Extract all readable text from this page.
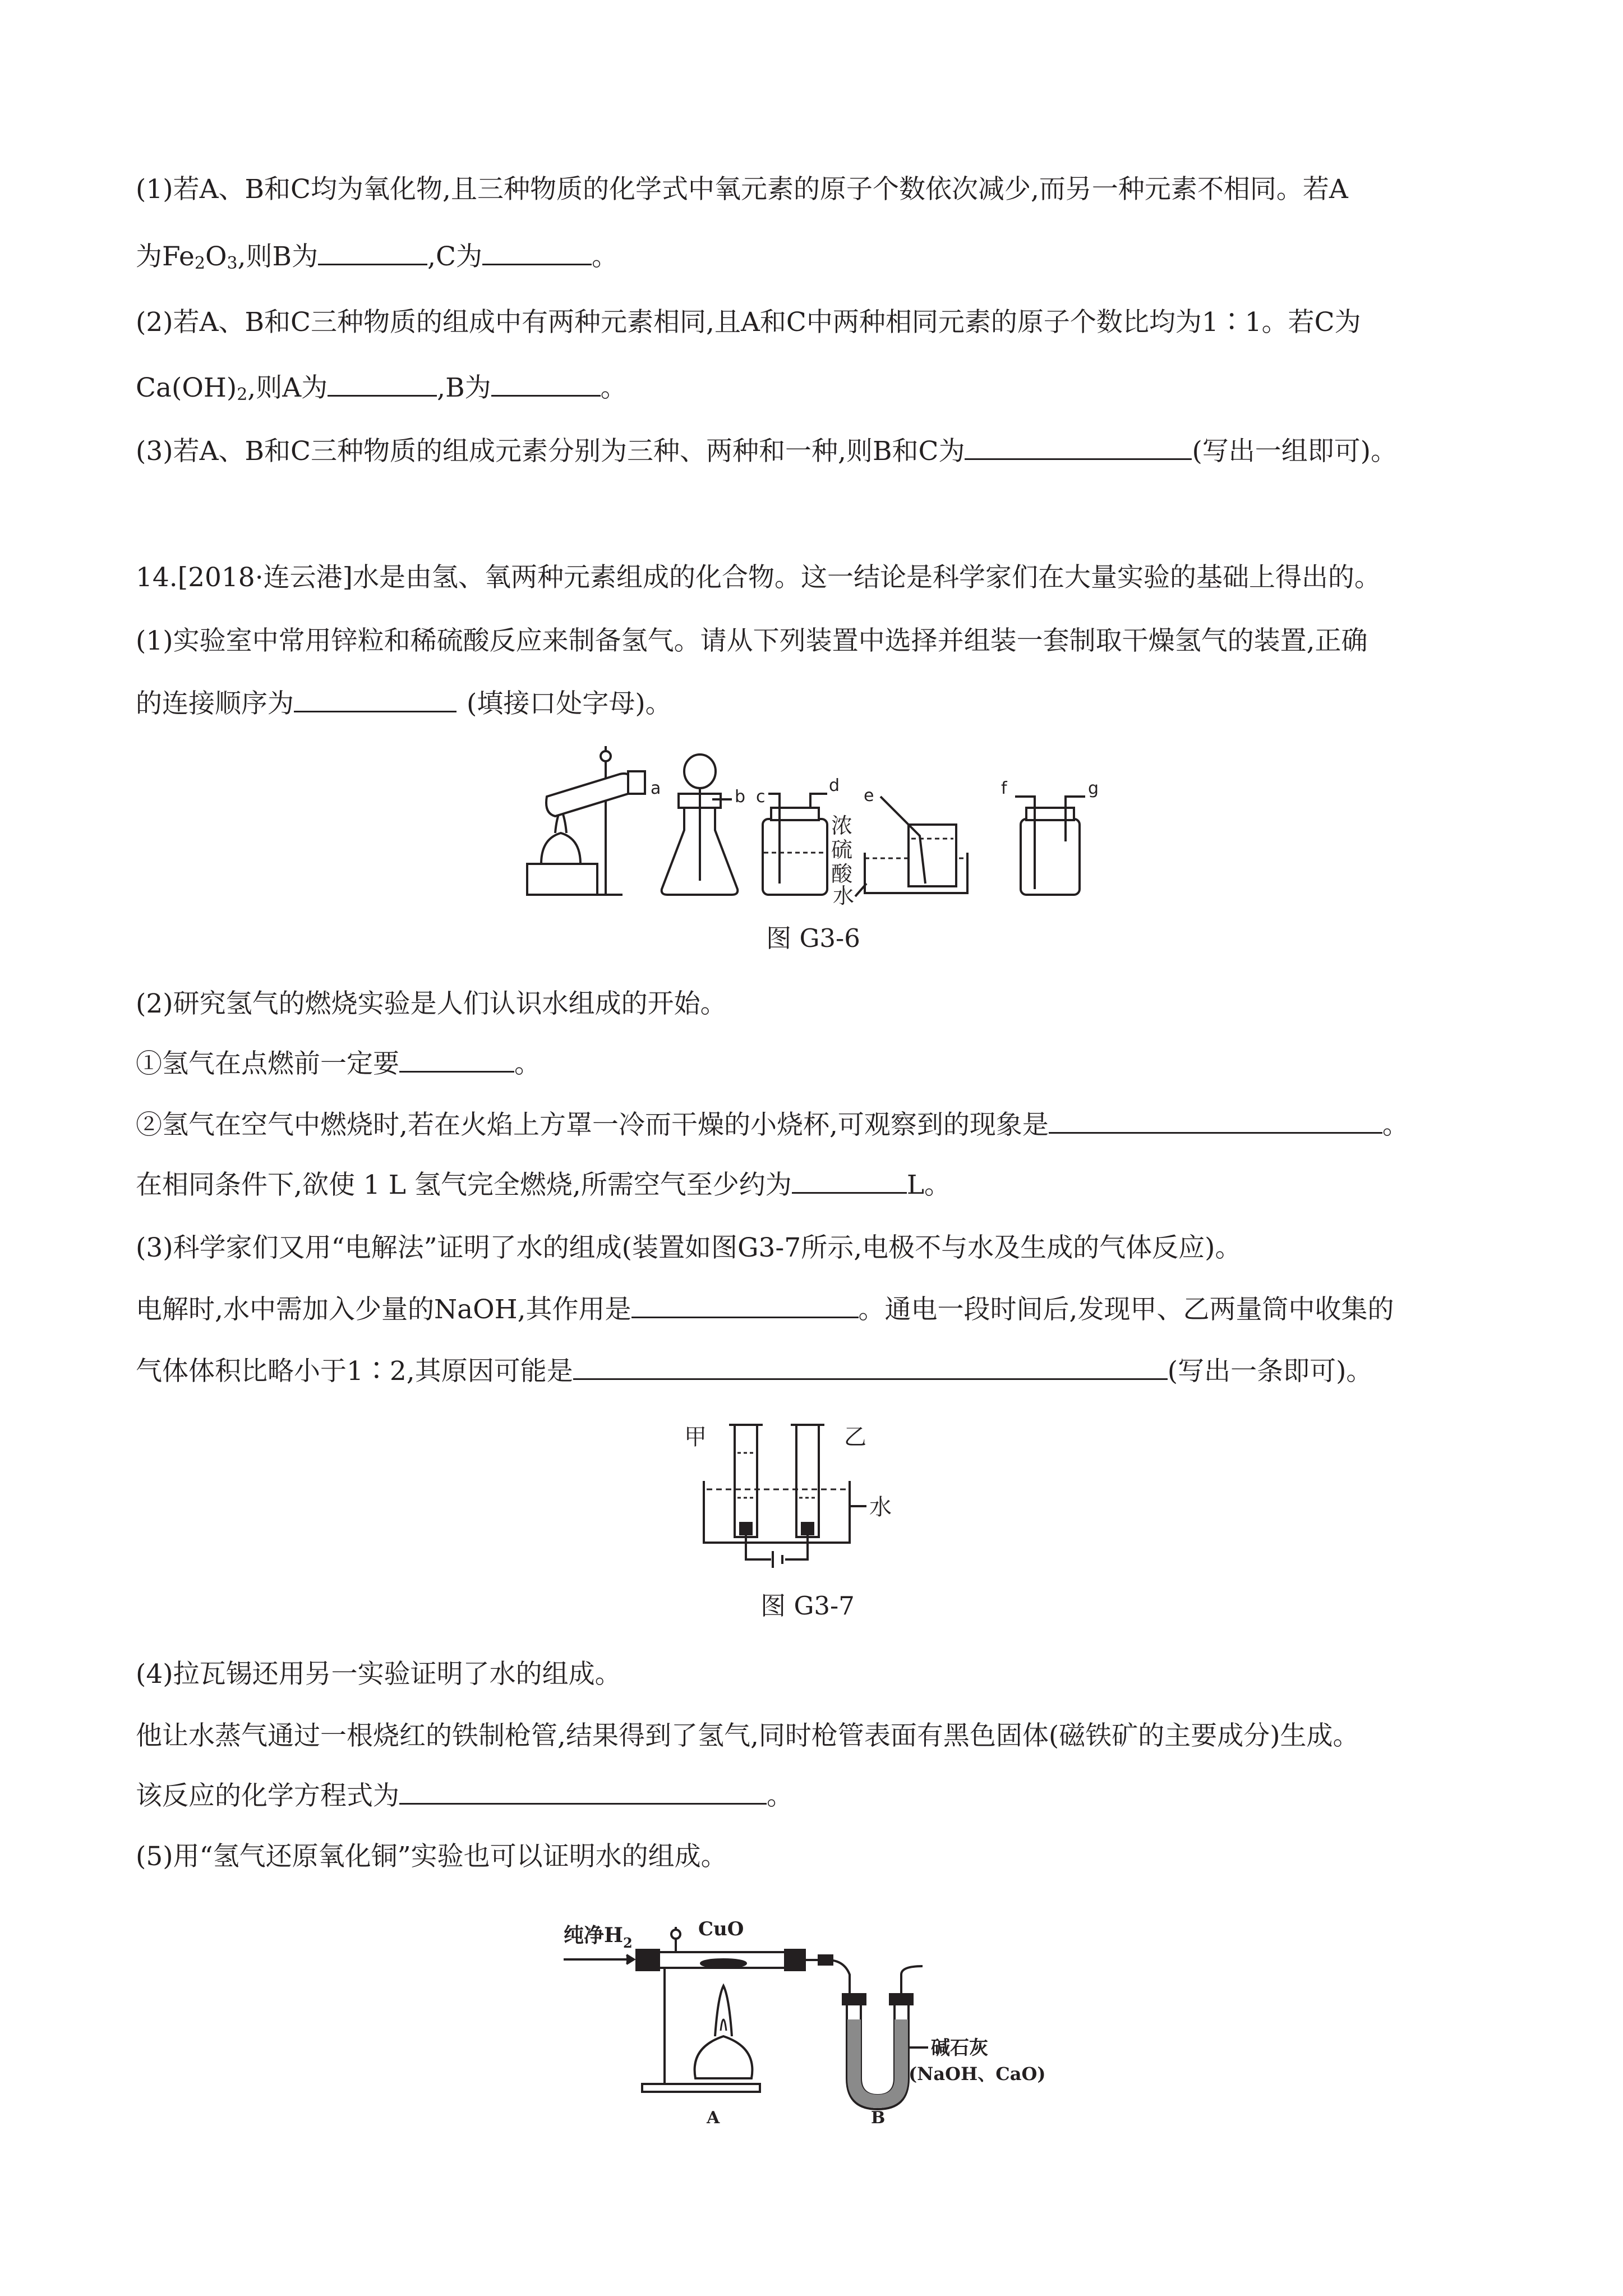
(1)若A、B和C均为氧化物,且三种物质的化学式中氧元素的原子个数依次减少,而另一种元素不相同。若A
为$Fe_2O_3$,则B为	,C为	。
(2)若A、B和C三种物质的组成中有两种元素相同,且A和C中两种相同元素的原子个数比均为1∶1。若C为
$Ca(OH)_2$,则A为	,B为	。
(3)若A、B和C三种物质的组成元素分别为三种、两种和一种,则B和C为	(写出一组即可)。
14.[2018·连云港]水是由氢、氧两种元素组成的化合物。这一结论是科学家们在大量实验的基础上得出的。
(1)实验室中常用锌粒和稀硫酸反应来制备氢气。请从下列装置中选择并组装一套制取干燥氢气的装置,正确
的连接顺序为	(填接口处字母)。
a	b c
d
浓
硫
酸
e
水
f	g
图 G3-6
(2)研究氢气的燃烧实验是人们认识水组成的开始。
①氢气在点燃前一定要	。
②氢气在空气中燃烧时,若在火焰上方罩一冷而干燥的小烧杯,可观察到的现象是	。
在相同条件下,欲使 1 L 氢气完全燃烧,所需空气至少约为	L。
(3)科学家们又用“电解法”证明了水的组成(装置如图G3-7所示,电极不与水及生成的气体反应)。
电解时,水中需加入少量的NaOH,其作用是	。通电一段时间后,发现甲、乙两量筒中收集的
气体体积比略小于1∶2,其原因可能是	(写出一条即可)。
甲	乙
水
图 G3-7
(4)拉瓦锡还用另一实验证明了水的组成。
他让水蒸气通过一根烧红的铁制枪管,结果得到了氢气,同时枪管表面有黑色固体(磁铁矿的主要成分)生成。
该反应的化学方程式为	。
(5)用“氢气还原氧化铜”实验也可以证明水的组成。
纯净$H_2$
CuO
碱石灰
(NaOH、CaO)
A	B
